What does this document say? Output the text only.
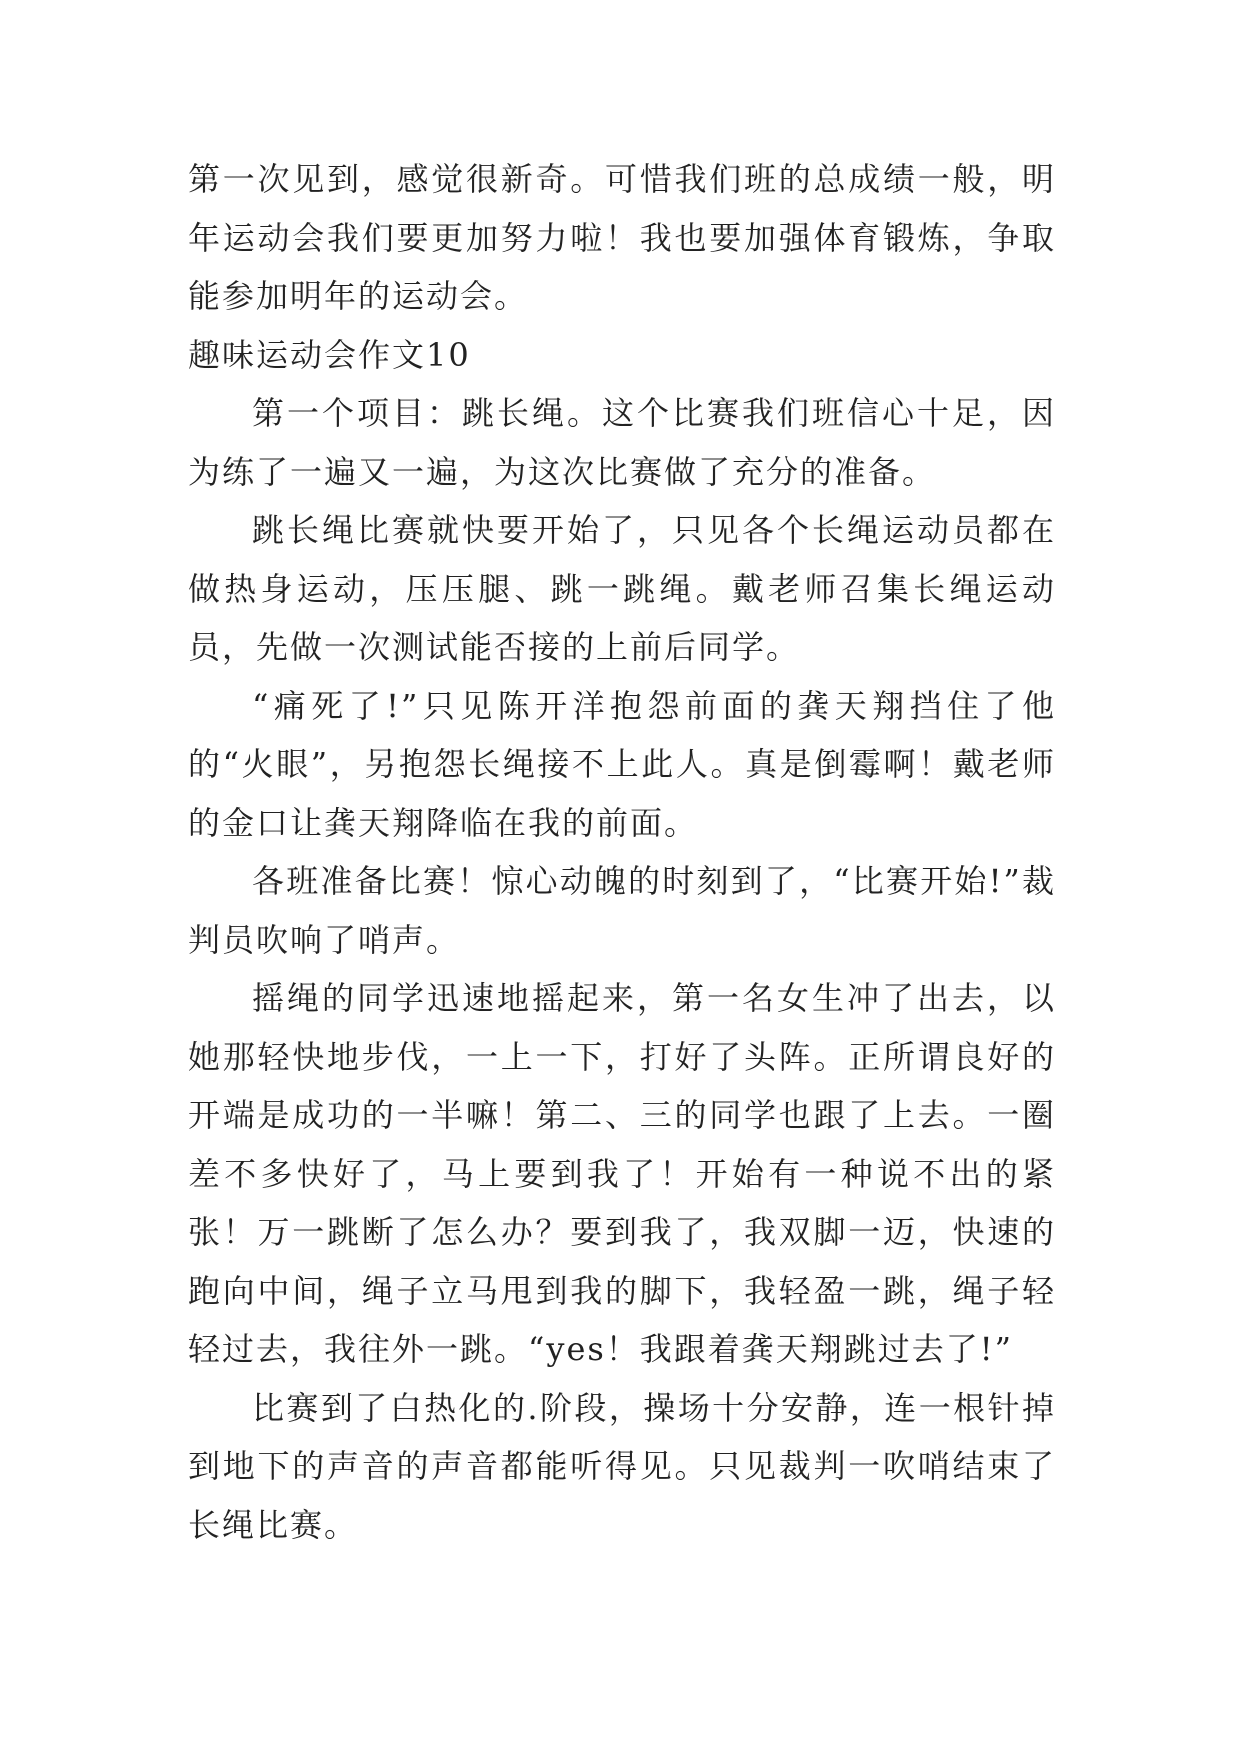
第一次见到，感觉很新奇。可惜我们班的总成绩一般，明年运动会我们要更加努力啦！我也要加强体育锻炼，争取能参加明年的运动会。

趣味运动会作文10

第一个项目：跳长绳。这个比赛我们班信心十足，因为练了一遍又一遍，为这次比赛做了充分的准备。

跳长绳比赛就快要开始了，只见各个长绳运动员都在做热身运动，压压腿、跳一跳绳。戴老师召集长绳运动员，先做一次测试能否接的上前后同学。

“痛死了!”只见陈开洋抱怨前面的龚天翔挡住了他的“火眼”，另抱怨长绳接不上此人。真是倒霉啊！戴老师的金口让龚天翔降临在我的前面。

各班准备比赛！惊心动魄的时刻到了，“比赛开始!”裁判员吹响了哨声。

摇绳的同学迅速地摇起来，第一名女生冲了出去，以她那轻快地步伐，一上一下，打好了头阵。正所谓良好的开端是成功的一半嘛！第二、三的同学也跟了上去。一圈差不多快好了，马上要到我了！开始有一种说不出的紧张！万一跳断了怎么办？要到我了，我双脚一迈，快速的跑向中间，绳子立马甩到我的脚下，我轻盈一跳，绳子轻轻过去，我往外一跳。“yes！我跟着龚天翔跳过去了!”

比赛到了白热化的.阶段，操场十分安静，连一根针掉到地下的声音的声音都能听得见。只见裁判一吹哨结束了长绳比赛。
